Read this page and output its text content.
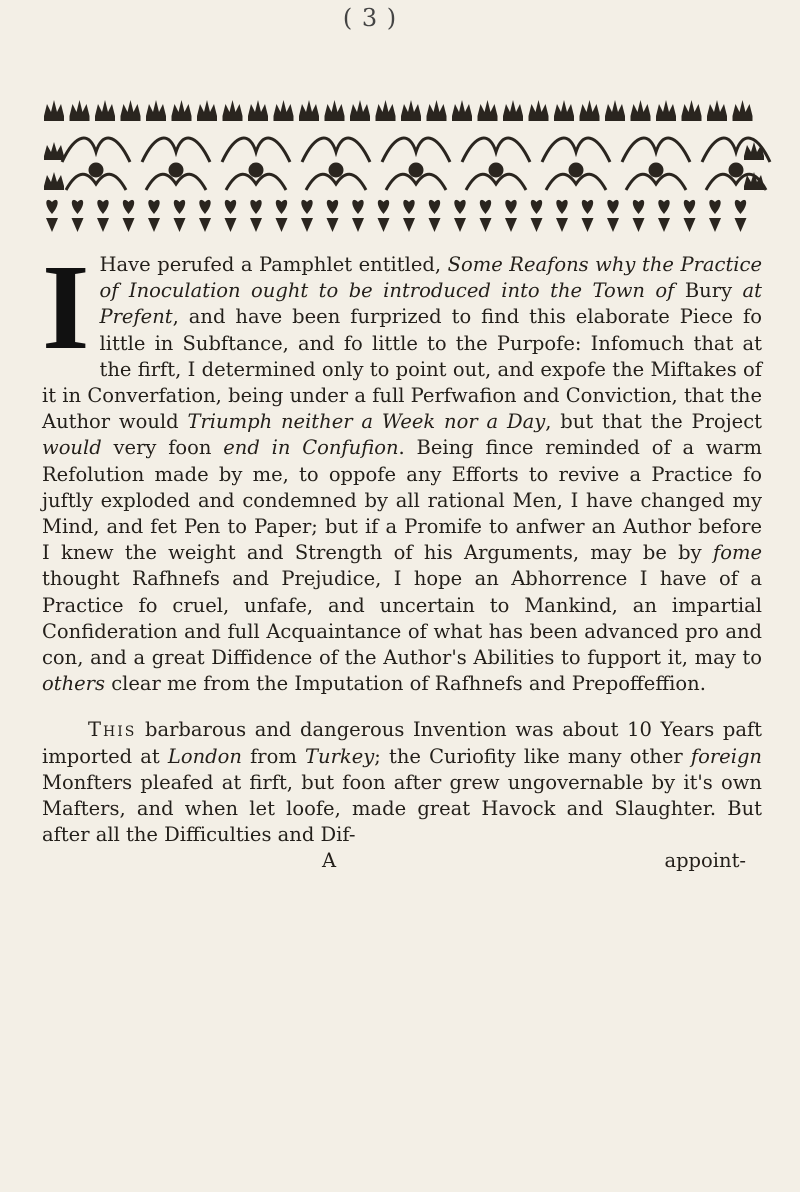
( 3 )

I Have perufed a Pamphlet entitled, Some Reafons why the Practice of Inoculation ought to be introduced into the Town of Bury at Prefent, and have been furprized to find this elaborate Piece fo little in Subftance, and fo little to the Purpofe: Infomuch that at the firft, I determined only to point out, and expofe the Miftakes of it in Converfation, being under a full Perfwafion and Conviction, that the Author would Triumph neither a Week nor a Day, but that the Project would very foon end in Confufion. Being fince reminded of a warm Refolution made by me, to oppofe any Efforts to revive a Practice fo juftly exploded and condemned by all rational Men, I have changed my Mind, and fet Pen to Paper; but if a Promife to anfwer an Author before I knew the weight and Strength of his Arguments, may be by fome thought Rafhnefs and Prejudice, I hope an Abhorrence I have of a Practice fo cruel, unfafe, and uncertain to Mankind, an impartial Confideration and full Acquaintance of what has been advanced pro and con, and a great Diffidence of the Author's Abilities to fupport it, may to others clear me from the Imputation of Rafhnefs and Prepoffeffion.

This barbarous and dangerous Invention was about 10 Years paft imported at London from Turkey; the Curiofity like many other foreign Monfters pleafed at firft, but foon after grew ungovernable by it's own Mafters, and when let loofe, made great Havock and Slaughter. But after all the Difficulties and Dif-

A	appoint-
